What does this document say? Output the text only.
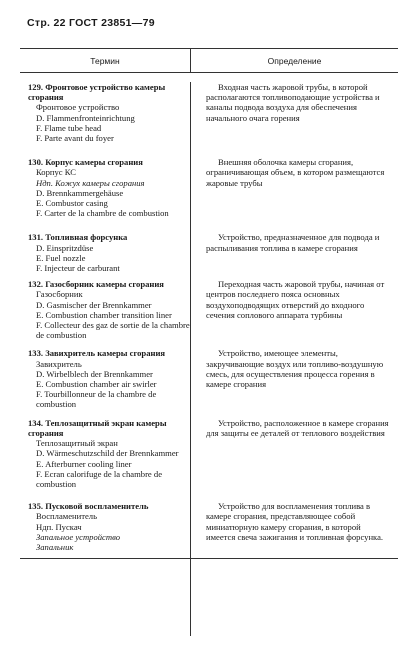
Стр. 22 ГОСТ 23851—79
Термин	Определение
129. Фронтовое устройство камеры сгорания
Фронтовое устройство
D. Flammenfronteinrichtung
F. Flame tube head
F. Parte avant du foyer

Входная часть жаровой трубы, в которой располагаются топливоподающие устройства и каналы подвода воздуха для обеспечения начального очага горения

130. Корпус камеры сгорания
Корпус КС
Ндп. Кожух камеры сгорания
D. Brennkammergehäuse
E. Combustor casing
F. Carter de la chambre de combustion

Внешняя оболочка камеры сгорания, ограничивающая объем, в котором размещаются жаровые трубы

131. Топливная форсунка
D. Einspritzdüse
E. Fuel nozzle
F. Injecteur de carburant

Устройство, предназначенное для подвода и распыливания топлива в камере сгорания

132. Газосборник камеры сгорания
Газосборник
D. Gasmischer der Brennkammer
E. Combustion chamber transition liner
F. Collecteur des gaz de sortie de la chambre de combustion

Переходная часть жаровой трубы, начиная от центров последнего пояса основных воздухоподводящих отверстий до входного сечения соплового аппарата турбины

133. Завихритель камеры сгорания
Завихритель
D. Wirbelblech der Brennkammer
E. Combustion chamber air swirler
F. Tourbillonneur de la chambre de combustion

Устройство, имеющее элементы, закручивающие воздух или топливо-воздушную смесь, для осуществления процесса горения в камере сгорания

134. Теплозащитный экран камеры сгорания
Теплозащитный экран
D. Wärmeschutzschild der Brennkammer
E. Afterburner cooling liner
F. Ecran calorifuge de la chambre de combustion

Устройство, расположенное в камере сгорания для защиты ее деталей от теплового воздействия

135. Пусковой воспламенитель
Воспламенитель
Ндп. Пускач
Запальное устройство
Запальник

Устройство для воспламенения топлива в камере сгорания, представляющее собой миниатюрную камеру сгорания, в которой имеется свеча зажигания и топливная форсунка.
